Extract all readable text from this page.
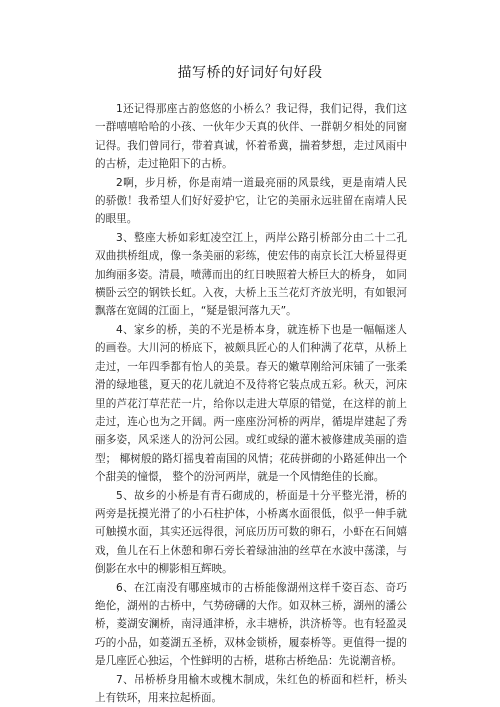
描写桥的好词好句好段

1还记得那座古韵悠悠的小桥么？我记得，我们记得，我们这一群嘻嘻哈哈的小孩、一伙年少天真的伙伴、一群朝夕相处的同窗记得。我们曾同行，带着真诚，怀着希冀，揣着梦想，走过风雨中的古桥，走过艳阳下的古桥。

2啊，步月桥，你是南靖一道最亮丽的风景线，更是南靖人民的骄傲！我希望人们好好爱护它，让它的美丽永远驻留在南靖人民的眼里。

3、整座大桥如彩虹凌空江上，两岸公路引桥部分由二十二孔双曲拱桥组成，像一条美丽的彩练，使宏伟的南京长江大桥显得更加绚丽多姿。清晨，喷薄而出的红日映照着大桥巨大的桥身， 如同横卧云空的钢铁长虹。入夜，大桥上玉兰花灯齐放光明，有如银河飘落在宽阔的江面上，“疑是银河落九天”。

4、家乡的桥，美的不光是桥本身，就连桥下也是一幅幅迷人的画卷。大川河的桥底下，被颇具匠心的人们种满了花草，从桥上走过，一年四季都有怡人的美景。春天的嫩草刚给河床铺了一张柔滑的绿地毯，夏天的花儿就迫不及待将它装点成五彩。秋天，河床里的芦花汀草茫茫一片，给你以走进大草原的错觉，在这样的前上走过，连心也为之开阔。两一座座汾河桥的两岸，循堤岸建起了秀丽多姿，风采迷人的汾河公园。或红或绿的灌木被修建成美丽的造型； 椰树般的路灯摇曳着南国的风情；花砖拼砌的小路延伸出一个个甜美的憧憬， 整个的汾河两岸，就是一个风情绝佳的长廊。

5、故乡的小桥是有青石砌成的，桥面是十分平整光滑，桥的两旁是抚摸光滑了的小石柱护体，小桥离水面很低，似乎一伸手就可触摸水面，其实还远得很，河底历历可数的卵石，小虾在石间嬉戏，鱼儿在石上休憩和卵石旁长着绿油油的丝草在水波中荡漾，与倒影在水中的柳影相互辉映。

6、在江南没有哪座城市的古桥能像湖州这样千姿百态、奇巧绝伦，湖州的古桥中，气势磅礴的大作。如双林三桥，湖州的潘公桥，菱湖安澜桥，南浔通津桥，永丰塘桥，洪济桥等。也有轻盈灵巧的小品，如菱湖五圣桥，双林金锁桥，履泰桥等。更值得一提的是几座匠心独运，个性鲜明的古桥，堪称古桥绝品：先说潮音桥。

7、吊桥桥身用榆木或槐木制成，朱红色的桥面和栏杆，桥头上有铁环，用来拉起桥面。
